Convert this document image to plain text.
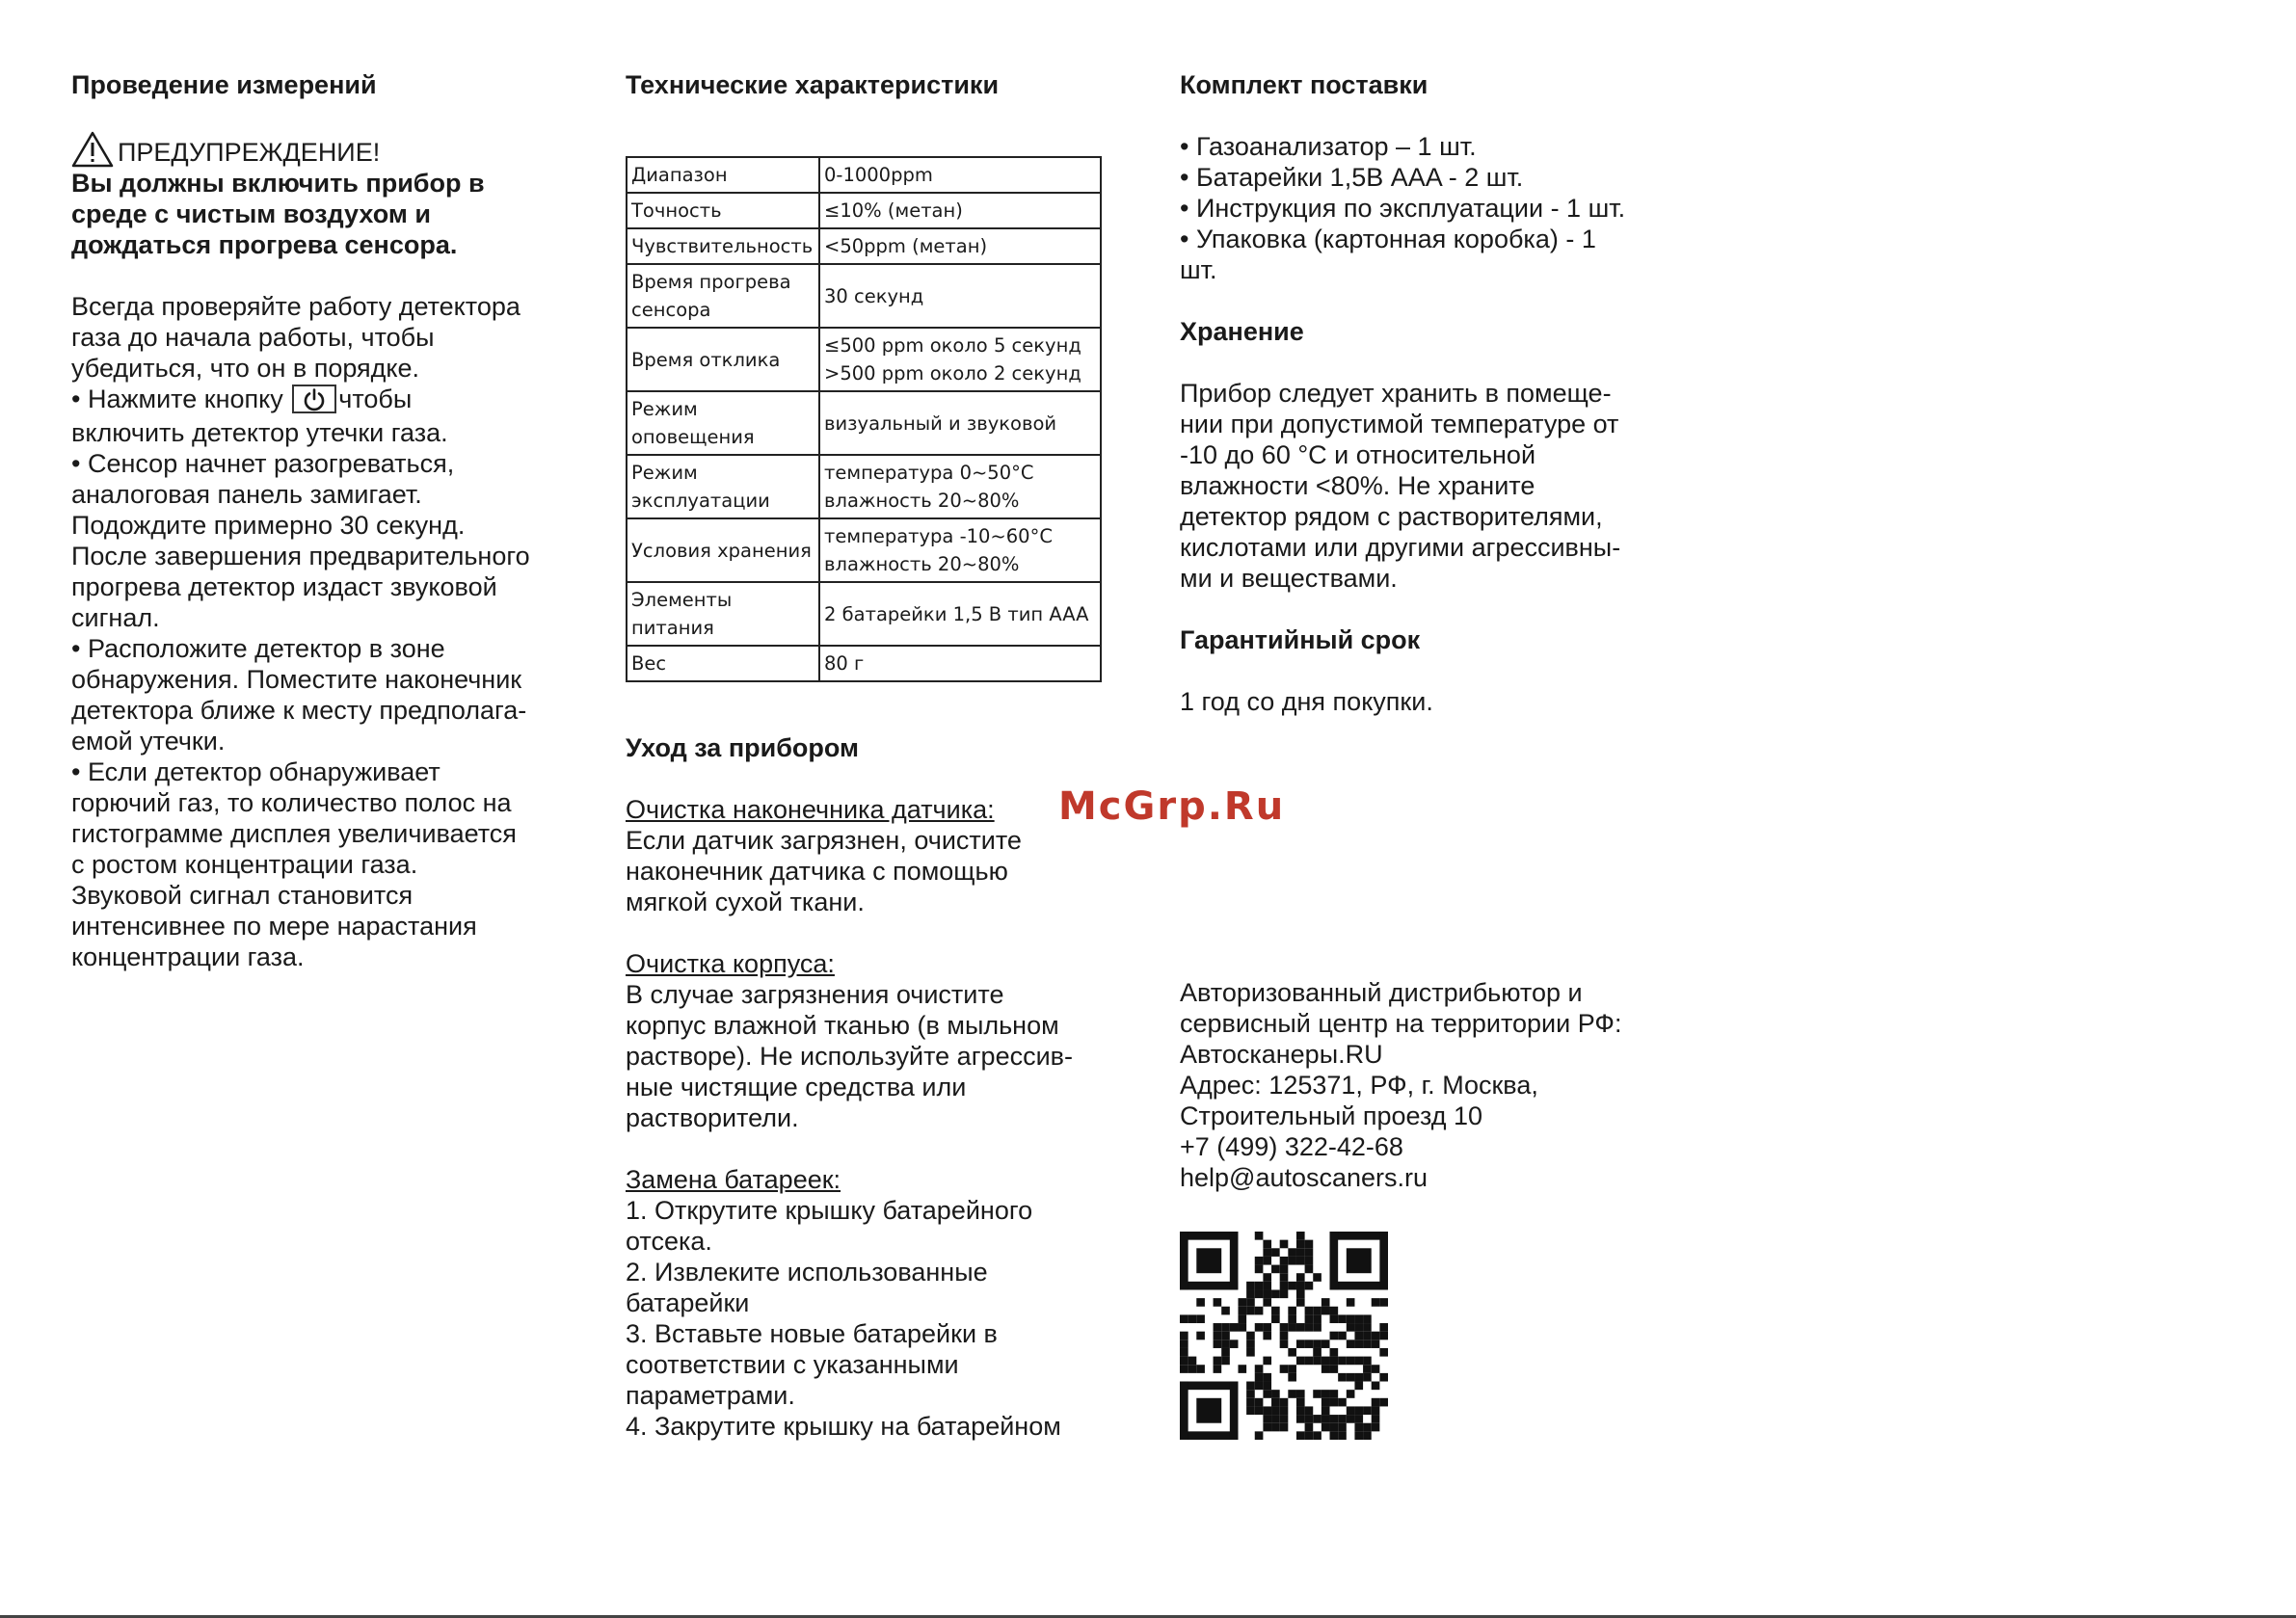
Проведение измерений

ПРЕДУПРЕЖДЕНИЕ!
Вы должны включить прибор в
среде с чистым воздухом и
дождаться прогрева сенсора.
Всегда проверяйте работу детектора
газа до начала работы, чтобы
убедиться, что он в порядке.
• Нажмите кнопку чтобы
включить детектор утечки газа.
• Сенсор начнет разогреваться,
аналоговая панель замигает.
Подождите примерно 30 секунд.
После завершения предварительного
прогрева детектор издаст звуковой
сигнал.
• Расположите детектор в зоне
обнаружения. Поместите наконечник
детектора ближе к месту предполага-
емой утечки.
• Если детектор обнаруживает
горючий газ, то количество полос на
гистограмме дисплея увеличивается
с ростом концентрации газа.
Звуковой сигнал становится
интенсивнее по мере нарастания
концентрации газа.

Технические характеристики

Диапазон	0-1000ppm

Точность	≤10% (метан)

Чувствительность	<50ppm (метан)

Время прогрева
сенсора	30 секунд

Время отклика	≤500 ppm около 5 секунд
>500 ppm около 2 секунд

Режим
оповещения	визуальный и звуковой

Режим
эксплуатации	температура 0~50°C
влажность 20~80%

Условия хранения	температура -10~60°C
влажность 20~80%

Элементы
питания	2 батарейки 1,5 В тип AAA

Вес	80 г

Уход за прибором

Очистка наконечника датчика:
Если датчик загрязнен, очистите
наконечник датчика с помощью
мягкой сухой ткани.
Очистка корпуса:
В случае загрязнения очистите
корпус влажной тканью (в мыльном
растворе). Не используйте агрессив-
ные чистящие средства или
растворители.
Замена батареек:
1. Открутите крышку батарейного
отсека.
2. Извлеките использованные
батарейки
3. Вставьте новые батарейки в
соответствии с указанными
параметрами.
4. Закрутите крышку на батарейном

Комплект поставки

• Газоанализатор – 1 шт.
• Батарейки 1,5В AAA - 2 шт.
• Инструкция по эксплуатации - 1 шт.
• Упаковка (картонная коробка) - 1
шт.

Хранение

Прибор следует хранить в помеще-
нии при допустимой температуре от
-10 до 60 °C и относительной
влажности <80%. Не храните
детектор рядом с растворителями,
кислотами или другими агрессивны-
ми и веществами.

Гарантийный срок

1 год со дня покупки.

Авторизованный дистрибьютор и
сервисный центр на территории РФ:
Автосканеры.RU
Адрес: 125371, РФ, г. Москва,
Строительный проезд 10
+7 (499) 322-42-68
help@autoscaners.ru
McGrp.Ru
